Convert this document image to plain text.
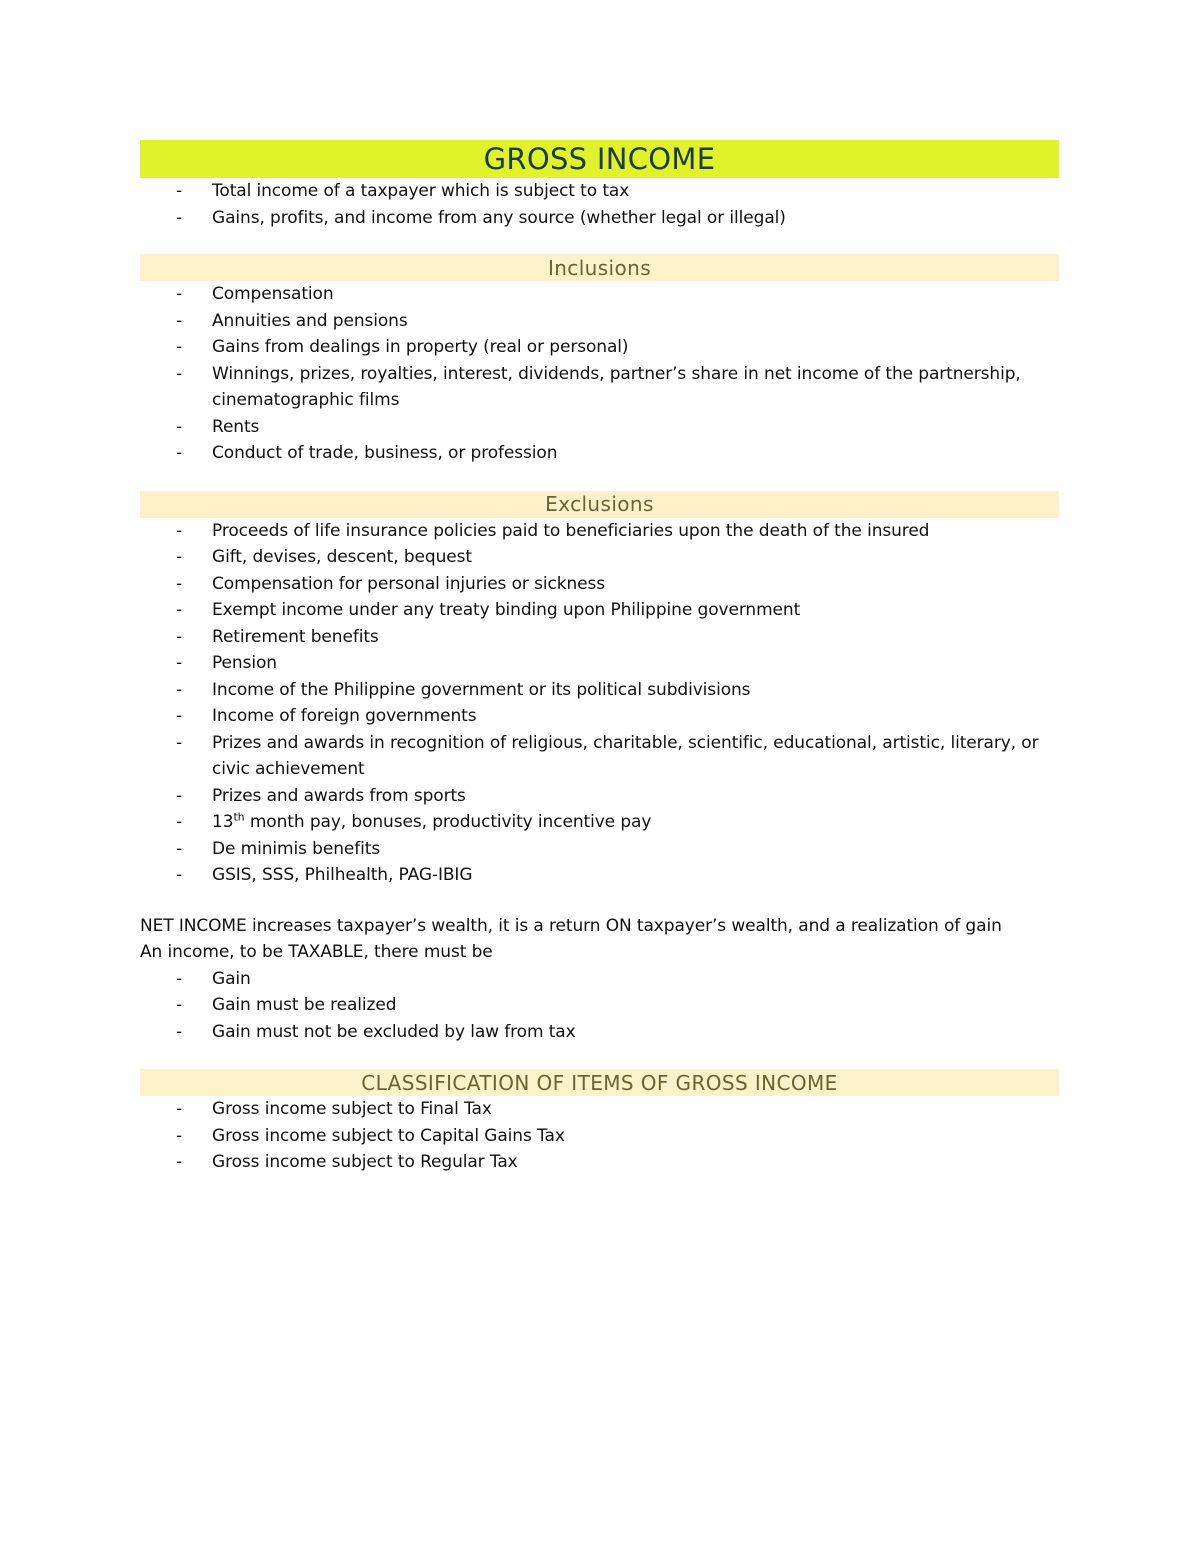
GROSS INCOME
- Total income of a taxpayer which is subject to tax
- Gains, profits, and income from any source (whether legal or illegal)
Inclusions
- Compensation
- Annuities and pensions
- Gains from dealings in property (real or personal)
- Winnings, prizes, royalties, interest, dividends, partner’s share in net income of the partnership, cinematographic films
- Rents
- Conduct of trade, business, or profession
Exclusions
- Proceeds of life insurance policies paid to beneficiaries upon the death of the insured
- Gift, devises, descent, bequest
- Compensation for personal injuries or sickness
- Exempt income under any treaty binding upon Philippine government
- Retirement benefits
- Pension
- Income of the Philippine government or its political subdivisions
- Income of foreign governments
- Prizes and awards in recognition of religious, charitable, scientific, educational, artistic, literary, or civic achievement
- Prizes and awards from sports
- 13th month pay, bonuses, productivity incentive pay
- De minimis benefits
- GSIS, SSS, Philhealth, PAG-IBIG

NET INCOME increases taxpayer’s wealth, it is a return ON taxpayer’s wealth, and a realization of gain

An income, to be TAXABLE, there must be

- Gain
- Gain must be realized
- Gain must not be excluded by law from tax
CLASSIFICATION OF ITEMS OF GROSS INCOME
- Gross income subject to Final Tax
- Gross income subject to Capital Gains Tax
- Gross income subject to Regular Tax
